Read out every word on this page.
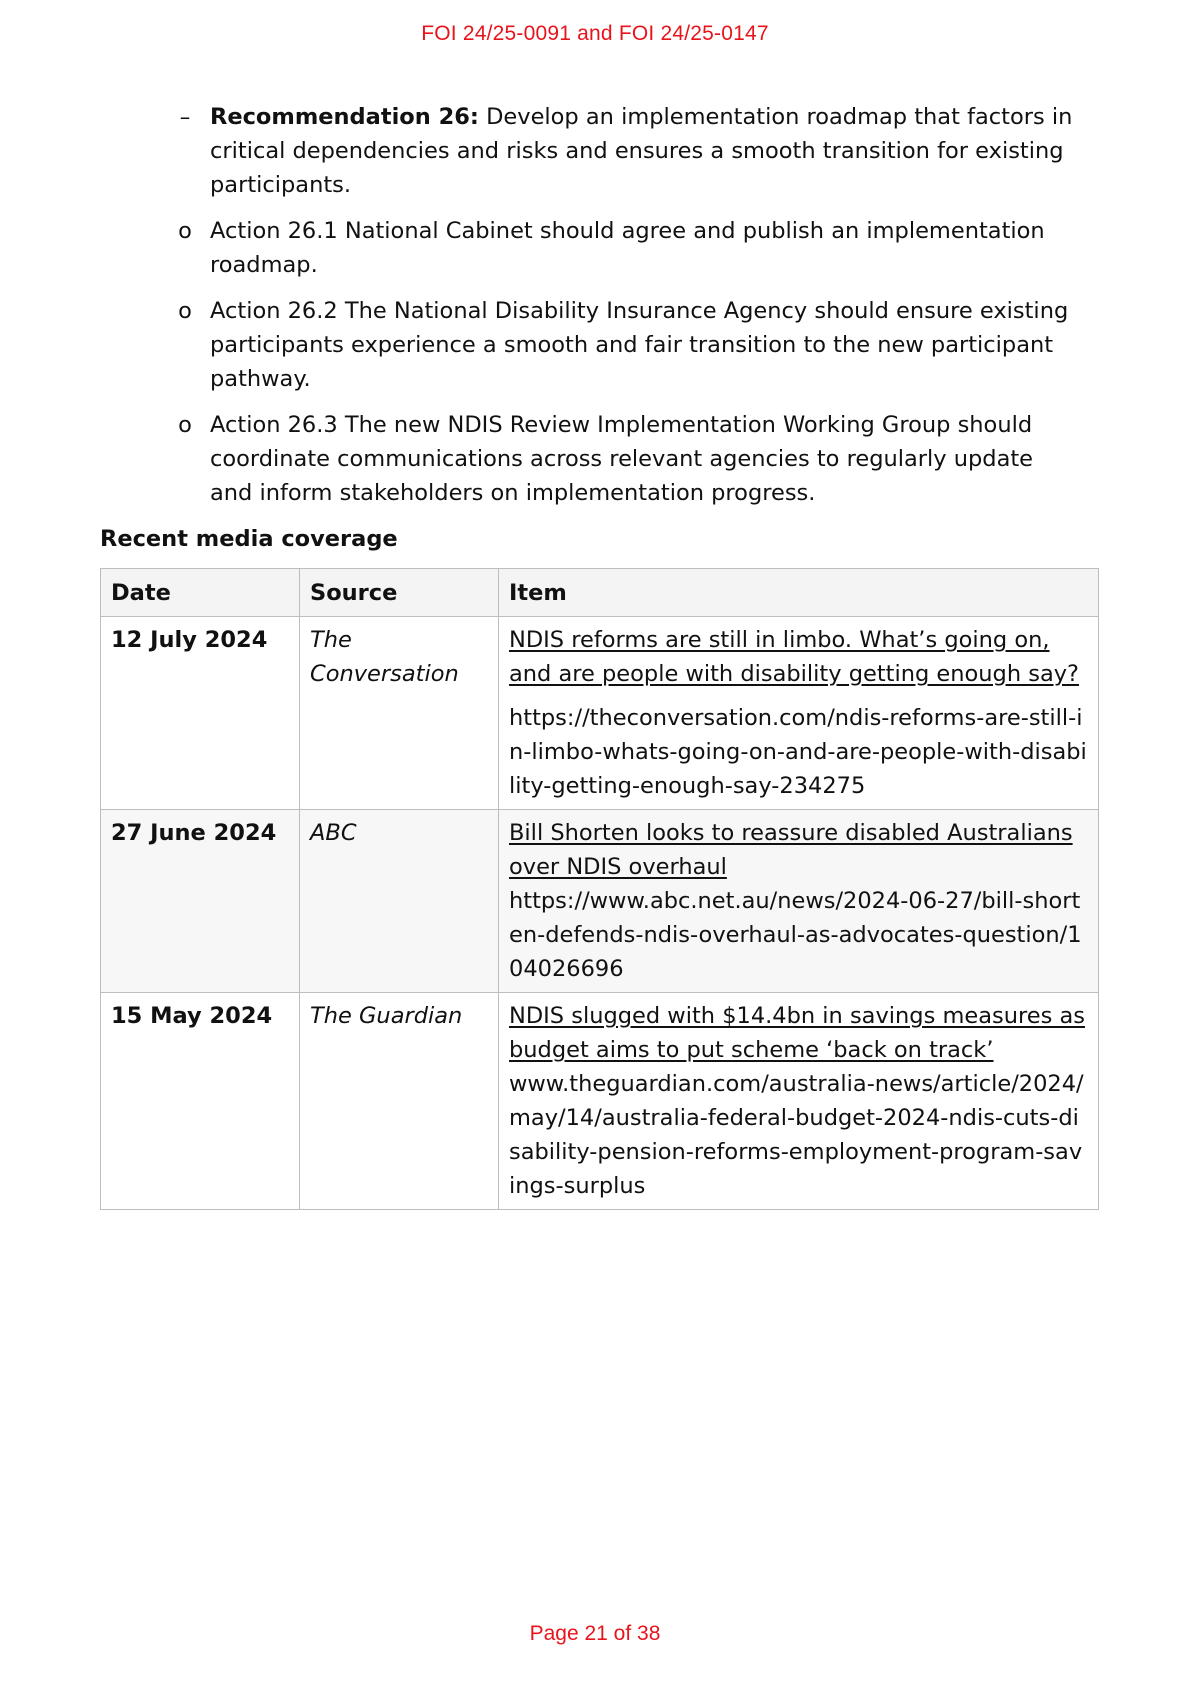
FOI 24/25-0091 and FOI 24/25-0147
– Recommendation 26: Develop an implementation roadmap that factors in critical dependencies and risks and ensures a smooth transition for existing participants.
o Action 26.1 National Cabinet should agree and publish an implementation roadmap.
o Action 26.2 The National Disability Insurance Agency should ensure existing participants experience a smooth and fair transition to the new participant pathway.
o Action 26.3 The new NDIS Review Implementation Working Group should coordinate communications across relevant agencies to regularly update and inform stakeholders on implementation progress.
Recent media coverage
Date	Source	Item
12 July 2024	The Conversation	NDIS reforms are still in limbo. What’s going on, and are people with disability getting enough say?
https://theconversation.com/ndis-reforms-are-still-in-limbo-whats-going-on-and-are-people-with-disability-getting-enough-say-234275

27 June 2024	ABC	Bill Shorten looks to reassure disabled Australians over NDIS overhaul
https://www.abc.net.au/news/2024-06-27/bill-shorten-defends-ndis-overhaul-as-advocates-question/104026696

15 May 2024	The Guardian	NDIS slugged with $14.4bn in savings measures as budget aims to put scheme ‘back on track’
www.theguardian.com/australia-news/article/2024/may/14/australia-federal-budget-2024-ndis-cuts-disability-pension-reforms-employment-program-savings-surplus
Page 21 of 38
